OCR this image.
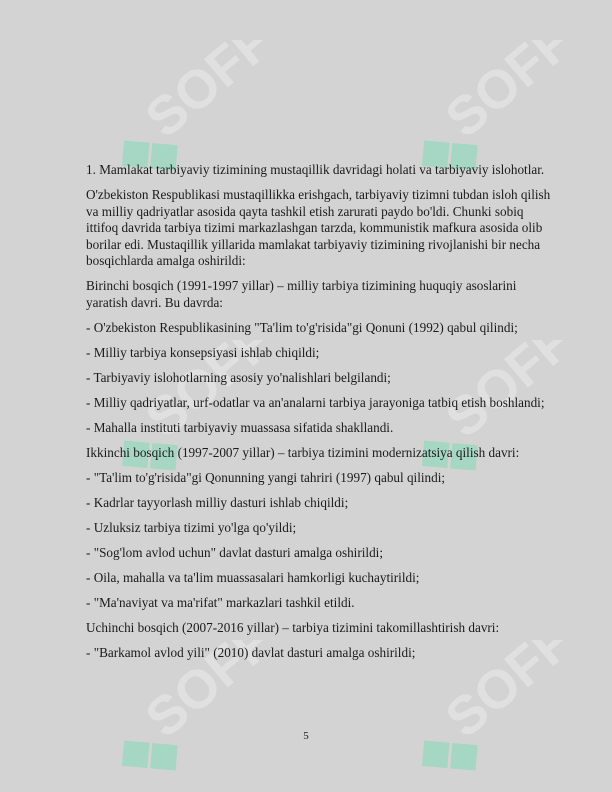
SOFF	SOFF
SOFF	SOFF
SOFF	SOFF

1. Mamlakat tarbiyaviy tizimining mustaqillik davridagi holati va tarbiyaviy islohotlar.

O'zbekiston Respublikasi mustaqillikka erishgach, tarbiyaviy tizimni tubdan isloh qilish va milliy qadriyatlar asosida qayta tashkil etish zarurati paydo bo'ldi. Chunki sobiq ittifoq davrida tarbiya tizimi markazlashgan tarzda, kommunistik mafkura asosida olib borilar edi. Mustaqillik yillarida mamlakat tarbiyaviy tizimining rivojlanishi bir necha bosqichlarda amalga oshirildi:

Birinchi bosqich (1991-1997 yillar) – milliy tarbiya tizimining huquqiy asoslarini yaratish davri. Bu davrda:

- O'zbekiston Respublikasining "Ta'lim to'g'risida"gi Qonuni (1992) qabul qilindi;

- Milliy tarbiya konsepsiyasi ishlab chiqildi;

- Tarbiyaviy islohotlarning asosiy yo'nalishlari belgilandi;

- Milliy qadriyatlar, urf-odatlar va an'analarni tarbiya jarayoniga tatbiq etish boshlandi;

- Mahalla instituti tarbiyaviy muassasa sifatida shakllandi.

Ikkinchi bosqich (1997-2007 yillar) – tarbiya tizimini modernizatsiya qilish davri:

- "Ta'lim to'g'risida"gi Qonunning yangi tahriri (1997) qabul qilindi;

- Kadrlar tayyorlash milliy dasturi ishlab chiqildi;

- Uzluksiz tarbiya tizimi yo'lga qo'yildi;

- "Sog'lom avlod uchun" davlat dasturi amalga oshirildi;

- Oila, mahalla va ta'lim muassasalari hamkorligi kuchaytirildi;

- "Ma'naviyat va ma'rifat" markazlari tashkil etildi.

Uchinchi bosqich (2007-2016 yillar) – tarbiya tizimini takomillashtirish davri:

- "Barkamol avlod yili" (2010) davlat dasturi amalga oshirildi;

5
